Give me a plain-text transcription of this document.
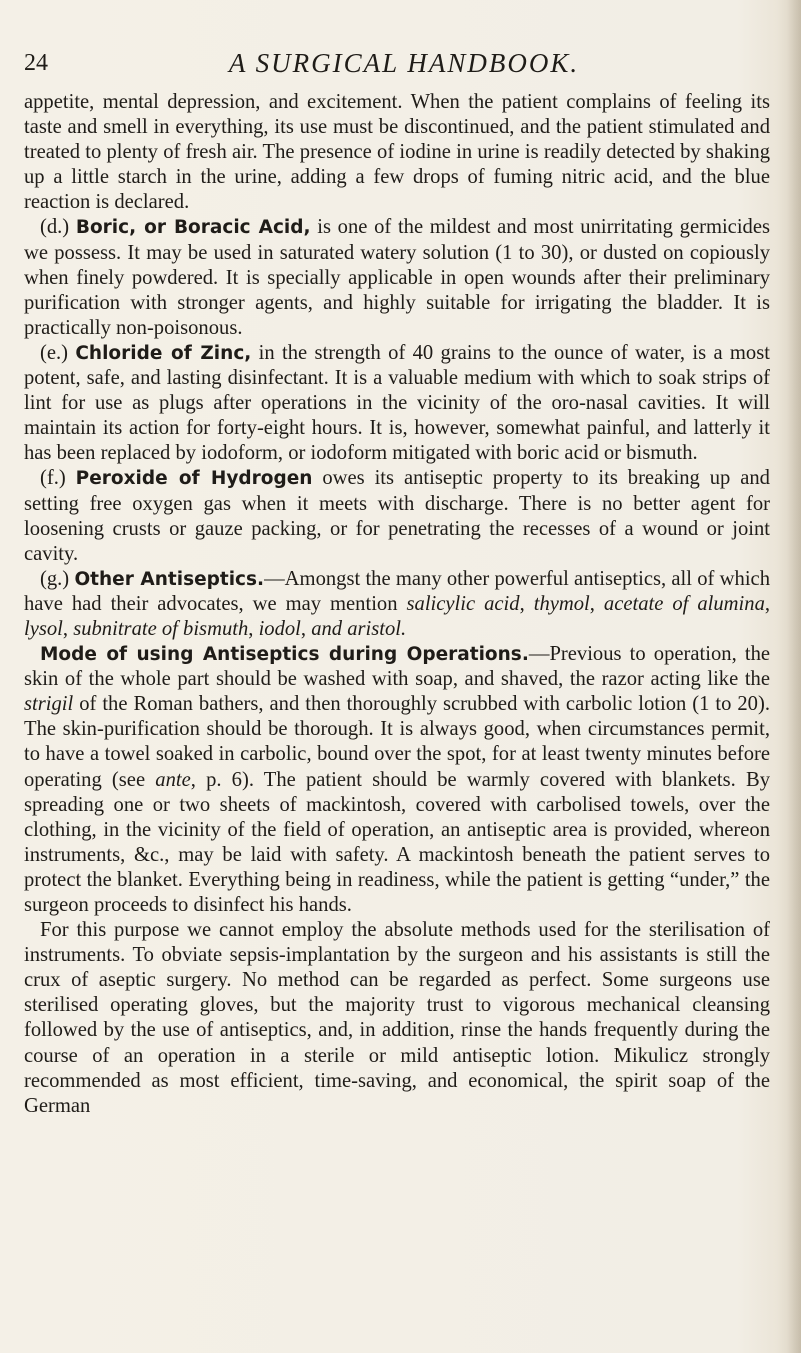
24	A SURGICAL HANDBOOK.

appetite, mental depression, and excitement. When the patient complains of feeling its taste and smell in everything, its use must be discontinued, and the patient stimulated and treated to plenty of fresh air. The presence of iodine in urine is readily detected by shaking up a little starch in the urine, adding a few drops of fuming nitric acid, and the blue reaction is declared.

(d.) Boric, or Boracic Acid, is one of the mildest and most unirritating germicides we possess. It may be used in saturated watery solution (1 to 30), or dusted on copiously when finely powdered. It is specially applicable in open wounds after their preliminary purification with stronger agents, and highly suitable for irrigating the bladder. It is practically non-poisonous.

(e.) Chloride of Zinc, in the strength of 40 grains to the ounce of water, is a most potent, safe, and lasting disinfectant. It is a valuable medium with which to soak strips of lint for use as plugs after operations in the vicinity of the oro-nasal cavities. It will maintain its action for forty-eight hours. It is, however, somewhat painful, and latterly it has been replaced by iodoform, or iodoform mitigated with boric acid or bismuth.

(f.) Peroxide of Hydrogen owes its antiseptic property to its breaking up and setting free oxygen gas when it meets with discharge. There is no better agent for loosening crusts or gauze packing, or for penetrating the recesses of a wound or joint cavity.

(g.) Other Antiseptics.—Amongst the many other powerful antiseptics, all of which have had their advocates, we may mention salicylic acid, thymol, acetate of alumina, lysol, subnitrate of bismuth, iodol, and aristol.

Mode of using Antiseptics during Operations.—Previous to operation, the skin of the whole part should be washed with soap, and shaved, the razor acting like the strigil of the Roman bathers, and then thoroughly scrubbed with carbolic lotion (1 to 20). The skin-purification should be thorough. It is always good, when circumstances permit, to have a towel soaked in carbolic, bound over the spot, for at least twenty minutes before operating (see ante, p. 6). The patient should be warmly covered with blankets. By spreading one or two sheets of mackintosh, covered with carbolised towels, over the clothing, in the vicinity of the field of operation, an antiseptic area is provided, whereon instruments, &c., may be laid with safety. A mackintosh beneath the patient serves to protect the blanket. Everything being in readiness, while the patient is getting “under,” the surgeon proceeds to disinfect his hands.

For this purpose we cannot employ the absolute methods used for the sterilisation of instruments. To obviate sepsis-implantation by the surgeon and his assistants is still the crux of aseptic surgery. No method can be regarded as perfect. Some surgeons use sterilised operating gloves, but the majority trust to vigorous mechanical cleansing followed by the use of antiseptics, and, in addition, rinse the hands frequently during the course of an operation in a sterile or mild antiseptic lotion. Mikulicz strongly recommended as most efficient, time-saving, and economical, the spirit soap of the German
